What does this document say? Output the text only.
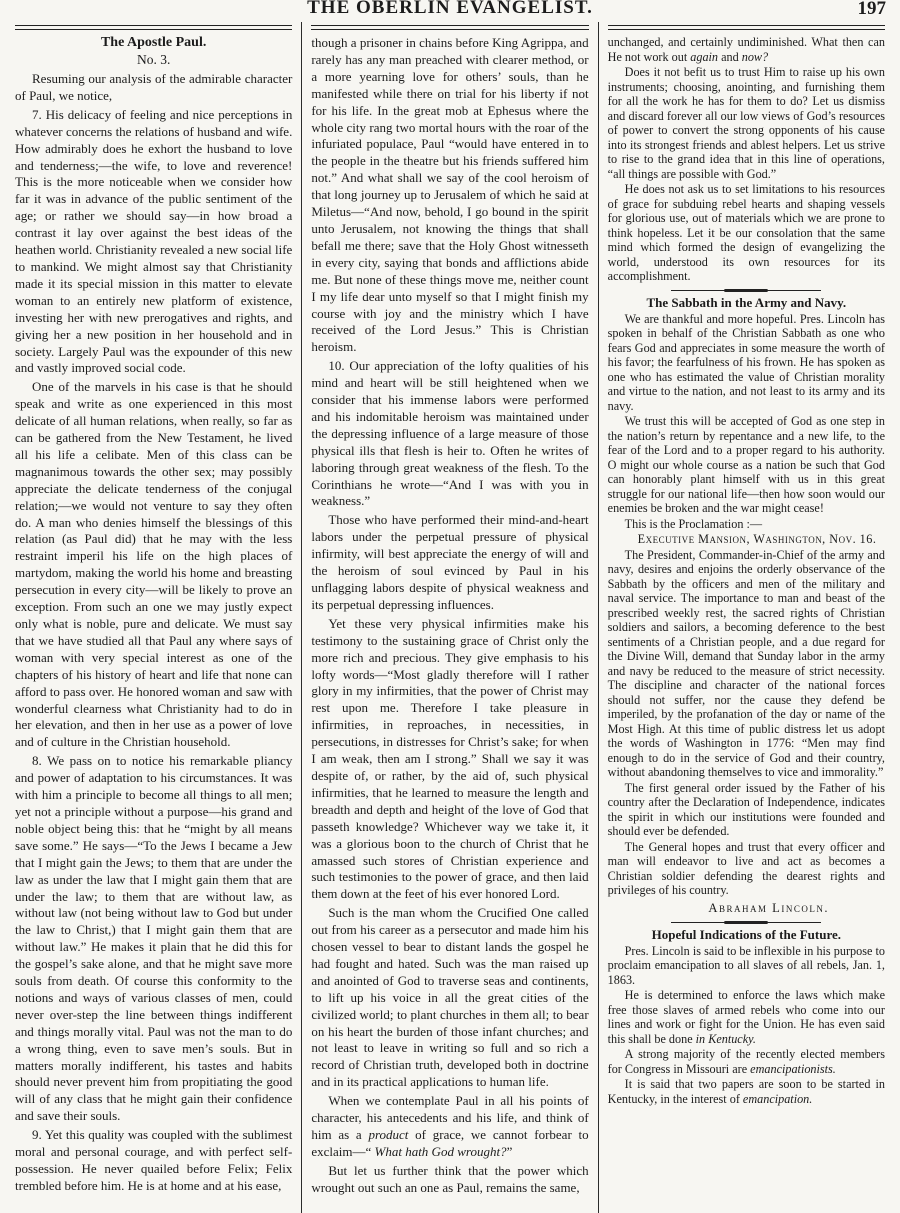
THE OBERLIN EVANGELIST.	197
The Apostle Paul.
No. 3.

Resuming our analysis of the admirable character of Paul, we notice,

7. His delicacy of feeling and nice perceptions in whatever concerns the relations of husband and wife. How admirably does he exhort the husband to love and tenderness;—the wife, to love and reverence! This is the more noticeable when we consider how far it was in advance of the public sentiment of the age; or rather we should say—in how broad a contrast it lay over against the best ideas of the heathen world. Christianity revealed a new social life to mankind. We might almost say that Christianity made it its special mission in this matter to elevate woman to an entirely new platform of existence, investing her with new prerogatives and rights, and giving her a new position in her household and in society. Largely Paul was the expounder of this new and vastly improved social code.

One of the marvels in his case is that he should speak and write as one experienced in this most delicate of all human relations, when really, so far as can be gathered from the New Testament, he lived all his life a celibate. Men of this class can be magnanimous towards the other sex; may possibly appreciate the delicate tenderness of the conjugal relation;—we would not venture to say they often do. A man who denies himself the blessings of this relation (as Paul did) that he may with the less restraint imperil his life on the high places of martydom, making the world his home and breasting persecution in every city—will be likely to prove an exception. From such an one we may justly expect only what is noble, pure and delicate. We must say that we have studied all that Paul any where says of woman with very special interest as one of the chapters of his history of heart and life that none can afford to pass over. He honored woman and saw with wonderful clearness what Christianity had to do in her elevation, and then in her use as a power of love and of culture in the Christian household.

8. We pass on to notice his remarkable pliancy and power of adaptation to his circumstances. It was with him a principle to become all things to all men; yet not a principle without a purpose—his grand and noble object being this: that he “might by all means save some.” He says—“To the Jews I became a Jew that I might gain the Jews; to them that are under the law as under the law that I might gain them that are under the law; to them that are without law, as without law (not being without law to God but under the law to Christ,) that I might gain them that are without law.” He makes it plain that he did this for the gospel’s sake alone, and that he might save more souls from death. Of course this conformity to the notions and ways of various classes of men, could never over-step the line between things indifferent and things morally vital. Paul was not the man to do a wrong thing, even to save men’s souls. But in matters morally indifferent, his tastes and habits should never prevent him from propitiating the good will of any class that he might gain their confidence and save their souls.

9. Yet this quality was coupled with the sublimest moral and personal courage, and with perfect self-possession. He never quailed before Felix; Felix trembled before him. He is at home and at his ease,

though a prisoner in chains before King Agrippa, and rarely has any man preached with clearer method, or a more yearning love for others’ souls, than he manifested while there on trial for his liberty if not for his life. In the great mob at Ephesus where the whole city rang two mortal hours with the roar of the infuriated populace, Paul “would have entered in to the people in the theatre but his friends suffered him not.” And what shall we say of the cool heroism of that long journey up to Jerusalem of which he said at Miletus—“And now, behold, I go bound in the spirit unto Jerusalem, not knowing the things that shall befall me there; save that the Holy Ghost witnesseth in every city, saying that bonds and afflictions abide me. But none of these things move me, neither count I my life dear unto myself so that I might finish my course with joy and the ministry which I have received of the Lord Jesus.” This is Christian heroism.

10. Our appreciation of the lofty qualities of his mind and heart will be still heightened when we consider that his immense labors were performed and his indomitable heroism was maintained under the depressing influence of a large measure of those physical ills that flesh is heir to. Often he writes of laboring through great weakness of the flesh. To the Corinthians he wrote—“And I was with you in weakness.”

Those who have performed their mind-and-heart labors under the perpetual pressure of physical infirmity, will best appreciate the energy of will and the heroism of soul evinced by Paul in his unflagging labors despite of physical weakness and its perpetual depressing influences.

Yet these very physical infirmities make his testimony to the sustaining grace of Christ only the more rich and precious. They give emphasis to his lofty words—“Most gladly therefore will I rather glory in my infirmities, that the power of Christ may rest upon me. Therefore I take pleasure in infirmities, in reproaches, in necessities, in persecutions, in distresses for Christ’s sake; for when I am weak, then am I strong.” Shall we say it was despite of, or rather, by the aid of, such physical infirmities, that he learned to measure the length and breadth and depth and height of the love of God that passeth knowledge? Whichever way we take it, it was a glorious boon to the church of Christ that he amassed such stores of Christian experience and such testimonies to the power of grace, and then laid them down at the feet of his ever honored Lord.

Such is the man whom the Crucified One called out from his career as a persecutor and made him his chosen vessel to bear to distant lands the gospel he had fought and hated. Such was the man raised up and anointed of God to traverse seas and continents, to lift up his voice in all the great cities of the civilized world; to plant churches in them all; to bear on his heart the burden of those infant churches; and not least to leave in writing so full and so rich a record of Christian truth, developed both in doctrine and in its practical applications to human life.

When we contemplate Paul in all his points of character, his antecedents and his life, and think of him as a product of grace, we cannot forbear to exclaim—“ What hath God wrought?”

But let us further think that the power which wrought out such an one as Paul, remains the same,

unchanged, and certainly undiminished. What then can He not work out again and now?

Does it not befit us to trust Him to raise up his own instruments; choosing, anointing, and furnishing them for all the work he has for them to do? Let us dismiss and discard forever all our low views of God’s resources of power to convert the strong opponents of his cause into its strongest friends and ablest helpers. Let us strive to rise to the grand idea that in this line of operations, “all things are possible with God.”

He does not ask us to set limitations to his resources of grace for subduing rebel hearts and shaping vessels for glorious use, out of materials which we are prone to think hopeless. Let it be our consolation that the same mind which formed the design of evangelizing the world, understood its own resources for its accomplishment.

The Sabbath in the Army and Navy.

We are thankful and more hopeful. Pres. Lincoln has spoken in behalf of the Christian Sabbath as one who fears God and appreciates in some measure the worth of his favor; the fearfulness of his frown. He has spoken as one who has estimated the value of Christian morality and virtue to the nation, and not least to its army and its navy.

We trust this will be accepted of God as one step in the nation’s return by repentance and a new life, to the fear of the Lord and to a proper regard to his authority. O might our whole course as a nation be such that God can honorably plant himself with us in this great struggle for our national life—then how soon would our enemies be broken and the war might cease!

This is the Proclamation :—

Executive Mansion, Washington, Nov. 16.

The President, Commander-in-Chief of the army and navy, desires and enjoins the orderly observance of the Sabbath by the officers and men of the military and naval service. The importance to man and beast of the prescribed weekly rest, the sacred rights of Christian soldiers and sailors, a becoming deference to the best sentiments of a Christian people, and a due regard for the Divine Will, demand that Sunday labor in the army and navy be reduced to the measure of strict necessity. The discipline and character of the national forces should not suffer, nor the cause they defend be imperiled, by the profanation of the day or name of the Most High. At this time of public distress let us adopt the words of Washington in 1776: “Men may find enough to do in the service of God and their country, without abandoning themselves to vice and immorality.”

The first general order issued by the Father of his country after the Declaration of Independence, indicates the spirit in which our institutions were founded and should ever be defended.

The General hopes and trust that every officer and man will endeavor to live and act as becomes a Christian soldier defending the dearest rights and privileges of his country.

Abraham Lincoln.
Hopeful Indications of the Future.

Pres. Lincoln is said to be inflexible in his purpose to proclaim emancipation to all slaves of all rebels, Jan. 1, 1863.

He is determined to enforce the laws which make free those slaves of armed rebels who come into our lines and work or fight for the Union. He has even said this shall be done in Kentucky.

A strong majority of the recently elected members for Congress in Missouri are emancipationists.

It is said that two papers are soon to be started in Kentucky, in the interest of emancipation.
